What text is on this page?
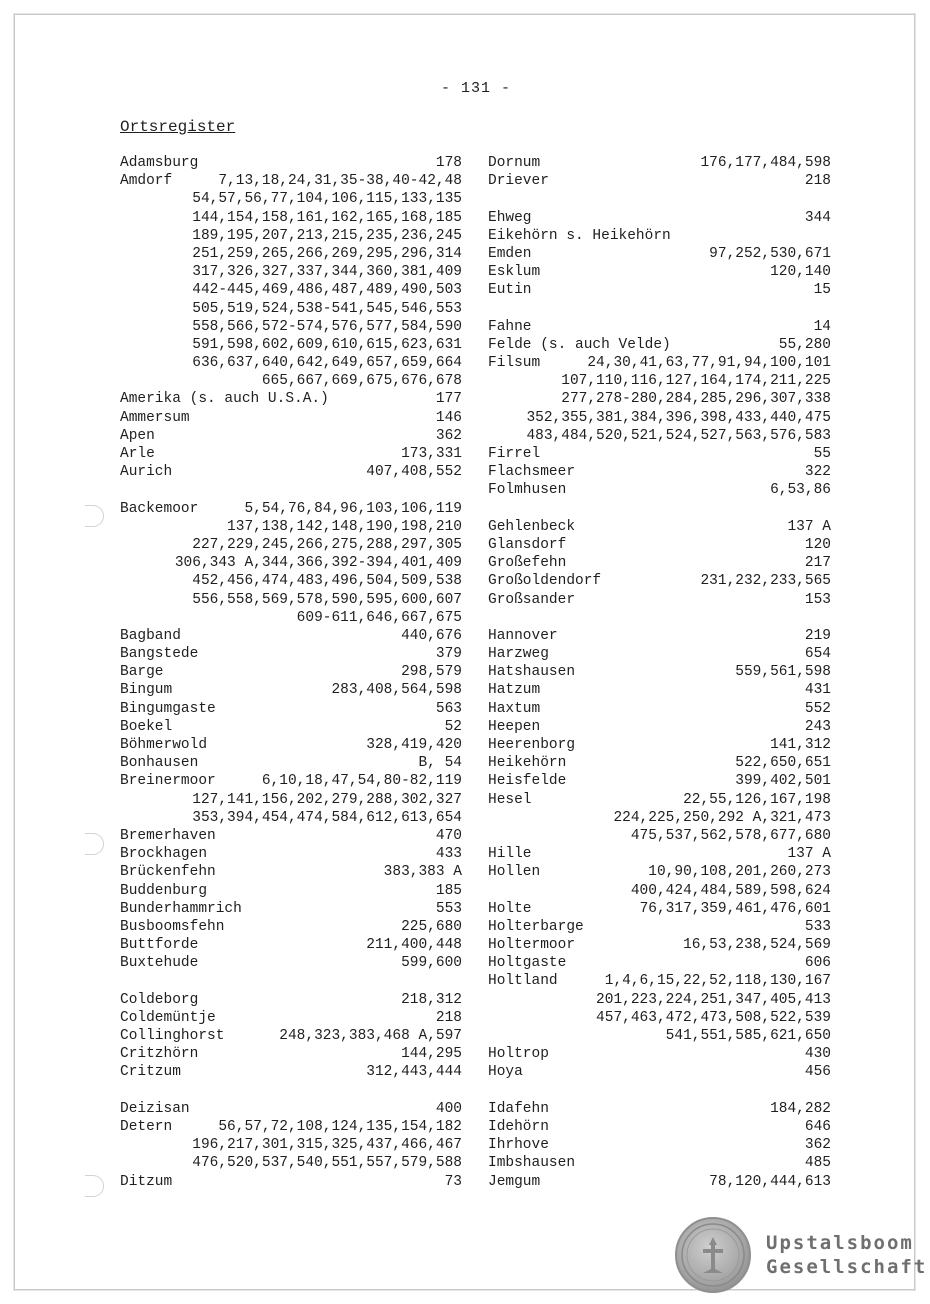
- 131 -
Ortsregister
Adamsburg	178
Amdorf	7,13,18,24,31,35-38,40-42,48
54,57,56,77,104,106,115,133,135
144,154,158,161,162,165,168,185
189,195,207,213,215,235,236,245
251,259,265,266,269,295,296,314
317,326,327,337,344,360,381,409
442-445,469,486,487,489,490,503
505,519,524,538-541,545,546,553
558,566,572-574,576,577,584,590
591,598,602,609,610,615,623,631
636,637,640,642,649,657,659,664
665,667,669,675,676,678
Amerika (s. auch U.S.A.)	177
Ammersum	146
Apen	362
Arle	173,331
Aurich	407,408,552
Backemoor	5,54,76,84,96,103,106,119
137,138,142,148,190,198,210
227,229,245,266,275,288,297,305
306,343 A,344,366,392-394,401,409
452,456,474,483,496,504,509,538
556,558,569,578,590,595,600,607
609-611,646,667,675
Bagband	440,676
Bangstede	379
Barge	298,579
Bingum	283,408,564,598
Bingumgaste	563
Boekel	52
Böhmerwold	328,419,420
Bonhausen	B, 54
Breinermoor	6,10,18,47,54,80-82,119
127,141,156,202,279,288,302,327
353,394,454,474,584,612,613,654
Bremerhaven	470
Brockhagen	433
Brückenfehn	383,383 A
Buddenburg	185
Bunderhammrich	553
Busboomsfehn	225,680
Buttforde	211,400,448
Buxtehude	599,600
Coldeborg	218,312
Coldemüntje	218
Collinghorst	248,323,383,468 A,597
Critzhörn	144,295
Critzum	312,443,444
Deizisan	400
Detern	56,57,72,108,124,135,154,182
196,217,301,315,325,437,466,467
476,520,537,540,551,557,579,588
Ditzum	73
Dornum	176,177,484,598
Driever	218
Ehweg	344
Eikehörn s. Heikehörn
Emden	97,252,530,671
Esklum	120,140
Eutin	15
Fahne	14
Felde (s. auch Velde)	55,280
Filsum	24,30,41,63,77,91,94,100,101
107,110,116,127,164,174,211,225
277,278-280,284,285,296,307,338
352,355,381,384,396,398,433,440,475
483,484,520,521,524,527,563,576,583
Firrel	55
Flachsmeer	322
Folmhusen	6,53,86
Gehlenbeck	137 A
Glansdorf	120
Großefehn	217
Großoldendorf	231,232,233,565
Großsander	153
Hannover	219
Harzweg	654
Hatshausen	559,561,598
Hatzum	431
Haxtum	552
Heepen	243
Heerenborg	141,312
Heikehörn	522,650,651
Heisfelde	399,402,501
Hesel	22,55,126,167,198
224,225,250,292 A,321,473
475,537,562,578,677,680
Hille	137 A
Hollen	10,90,108,201,260,273
400,424,484,589,598,624
Holte	76,317,359,461,476,601
Holterbarge	533
Holtermoor	16,53,238,524,569
Holtgaste	606
Holtland	1,4,6,15,22,52,118,130,167
201,223,224,251,347,405,413
457,463,472,473,508,522,539
541,551,585,621,650
Holtrop	430
Hoya	456
Idafehn	184,282
Idehörn	646
Ihrhove	362
Imbshausen	485
Jemgum	78,120,444,613
Upstalsboom
Gesellschaft
